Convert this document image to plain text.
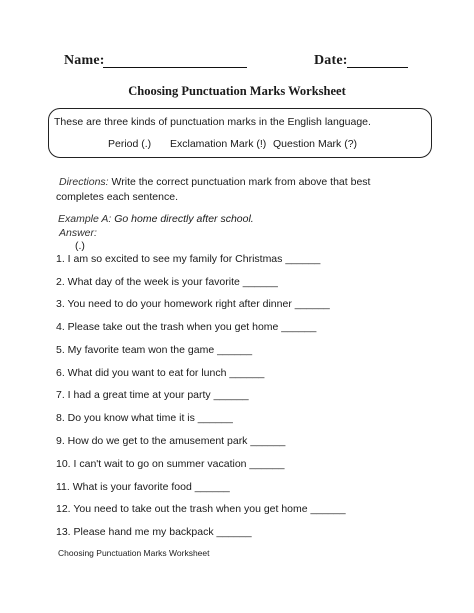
Name:	Date:
Choosing Punctuation Marks Worksheet
These are three kinds of punctuation marks in the English language.
Period (.) Exclamation Mark (!) Question Mark (?)
Directions: Write the correct punctuation mark from above that best
completes each sentence.
Example A: Go home directly after school.
Answer:
(.)
1. I am so excited to see my family for Christmas ______
2. What day of the week is your favorite ______
3. You need to do your homework right after dinner ______
4. Please take out the trash when you get home ______
5. My favorite team won the game ______
6. What did you want to eat for lunch ______
7. I had a great time at your party ______
8. Do you know what time it is ______
9. How do we get to the amusement park ______
10. I can't wait to go on summer vacation ______
11. What is your favorite food ______
12. You need to take out the trash when you get home ______
13. Please hand me my backpack ______
Choosing Punctuation Marks Worksheet
